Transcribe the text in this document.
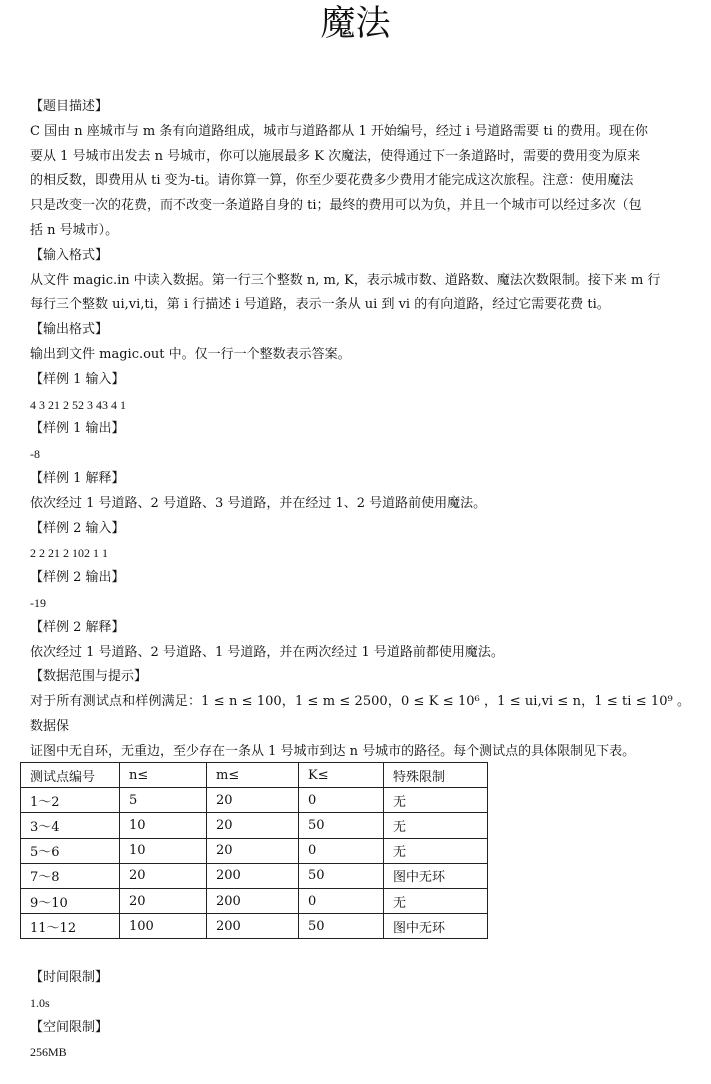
魔法

【题目描述】

C 国由 n 座城市与 m 条有向道路组成，城市与道路都从 1 开始编号，经过 i 号道路需要 ti 的费用。现在你

要从 1 号城市出发去 n 号城市，你可以施展最多 K 次魔法，使得通过下一条道路时，需要的费用变为原来

的相反数，即费用从 ti 变为-ti。请你算一算，你至少要花费多少费用才能完成这次旅程。注意：使用魔法

只是改变一次的花费，而不改变一条道路自身的 ti；最终的费用可以为负，并且一个城市可以经过多次（包

括 n 号城市）。

【输入格式】

从文件 magic.in 中读入数据。第一行三个整数 n, m, K，表示城市数、道路数、魔法次数限制。接下来 m 行

每行三个整数 ui,vi,ti，第 i 行描述 i 号道路，表示一条从 ui 到 vi 的有向道路，经过它需要花费 ti。

【输出格式】

输出到文件 magic.out 中。仅一行一个整数表示答案。

【样例 1 输入】

4 3 21 2 52 3 43 4 1

【样例 1 输出】

-8

【样例 1 解释】

依次经过 1 号道路、2 号道路、3 号道路，并在经过 1、2 号道路前使用魔法。

【样例 2 输入】

2 2 21 2 102 1 1

【样例 2 输出】

-19

【样例 2 解释】

依次经过 1 号道路、2 号道路、1 号道路，并在两次经过 1 号道路前都使用魔法。

【数据范围与提示】

对于所有测试点和样例满足：1 ≤ n ≤ 100，1 ≤ m ≤ 2500，0 ≤ K ≤ 10⁶ ，1 ≤ ui,vi ≤ n，1 ≤ ti ≤ 10⁹ 。数据保

证图中无自环，无重边，至少存在一条从 1 号城市到达 n 号城市的路径。每个测试点的具体限制见下表。

测试点编号	n≤	m≤	K≤	特殊限制
1～2	5	20	0	无
3～4	10	20	50	无
5～6	10	20	0	无
7～8	20	200	50	图中无环
9～10	20	200	0	无
11～12	100	200	50	图中无环

【时间限制】

1.0s

【空间限制】

256MB
